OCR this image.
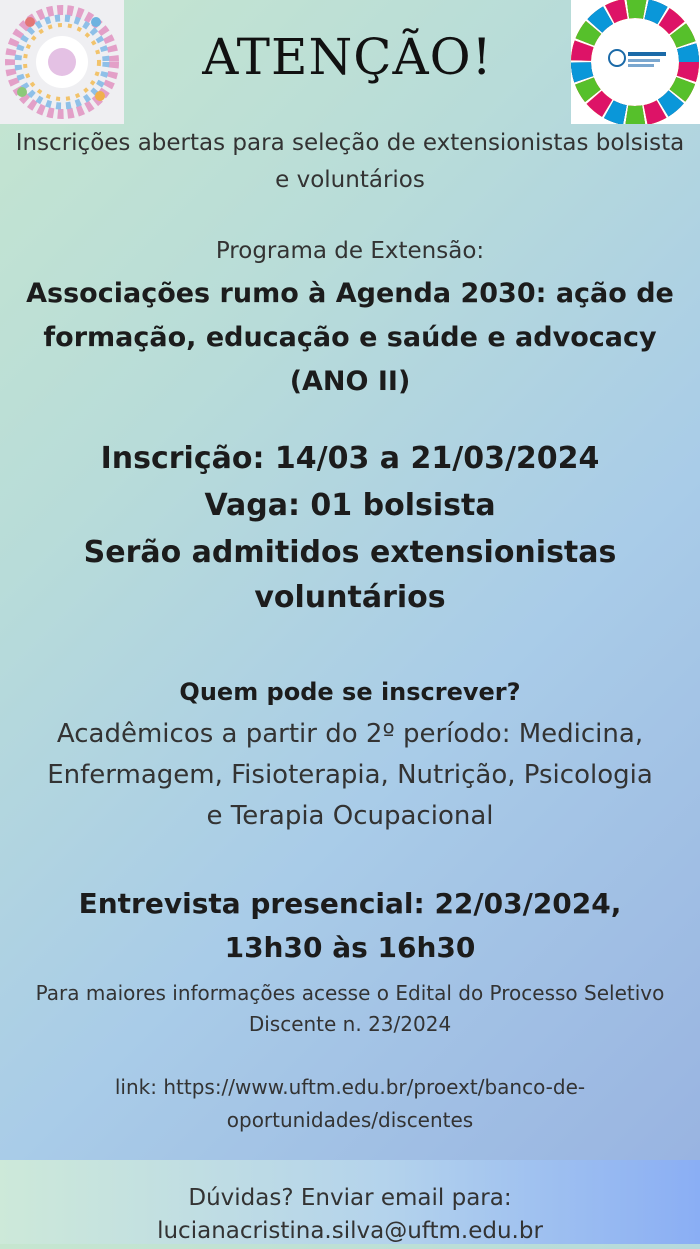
ATENÇÃO!
Inscrições abertas para seleção de extensionistas bolsista
e voluntários
Programa de Extensão:
Associações rumo à Agenda 2030: ação de
formação, educação e saúde e advocacy
(ANO II)
Inscrição: 14/03 a 21/03/2024
Vaga: 01 bolsista
Serão admitidos extensionistas
voluntários
Quem pode se inscrever?
Acadêmicos a partir do 2º período: Medicina,
Enfermagem, Fisioterapia, Nutrição, Psicologia
e Terapia Ocupacional
Entrevista presencial: 22/03/2024,
13h30 às 16h30
Para maiores informações acesse o Edital do Processo Seletivo
Discente n. 23/2024
link: https://www.uftm.edu.br/proext/banco-de-
oportunidades/discentes
Dúvidas? Enviar email para:
lucianacristina.silva@uftm.edu.br
